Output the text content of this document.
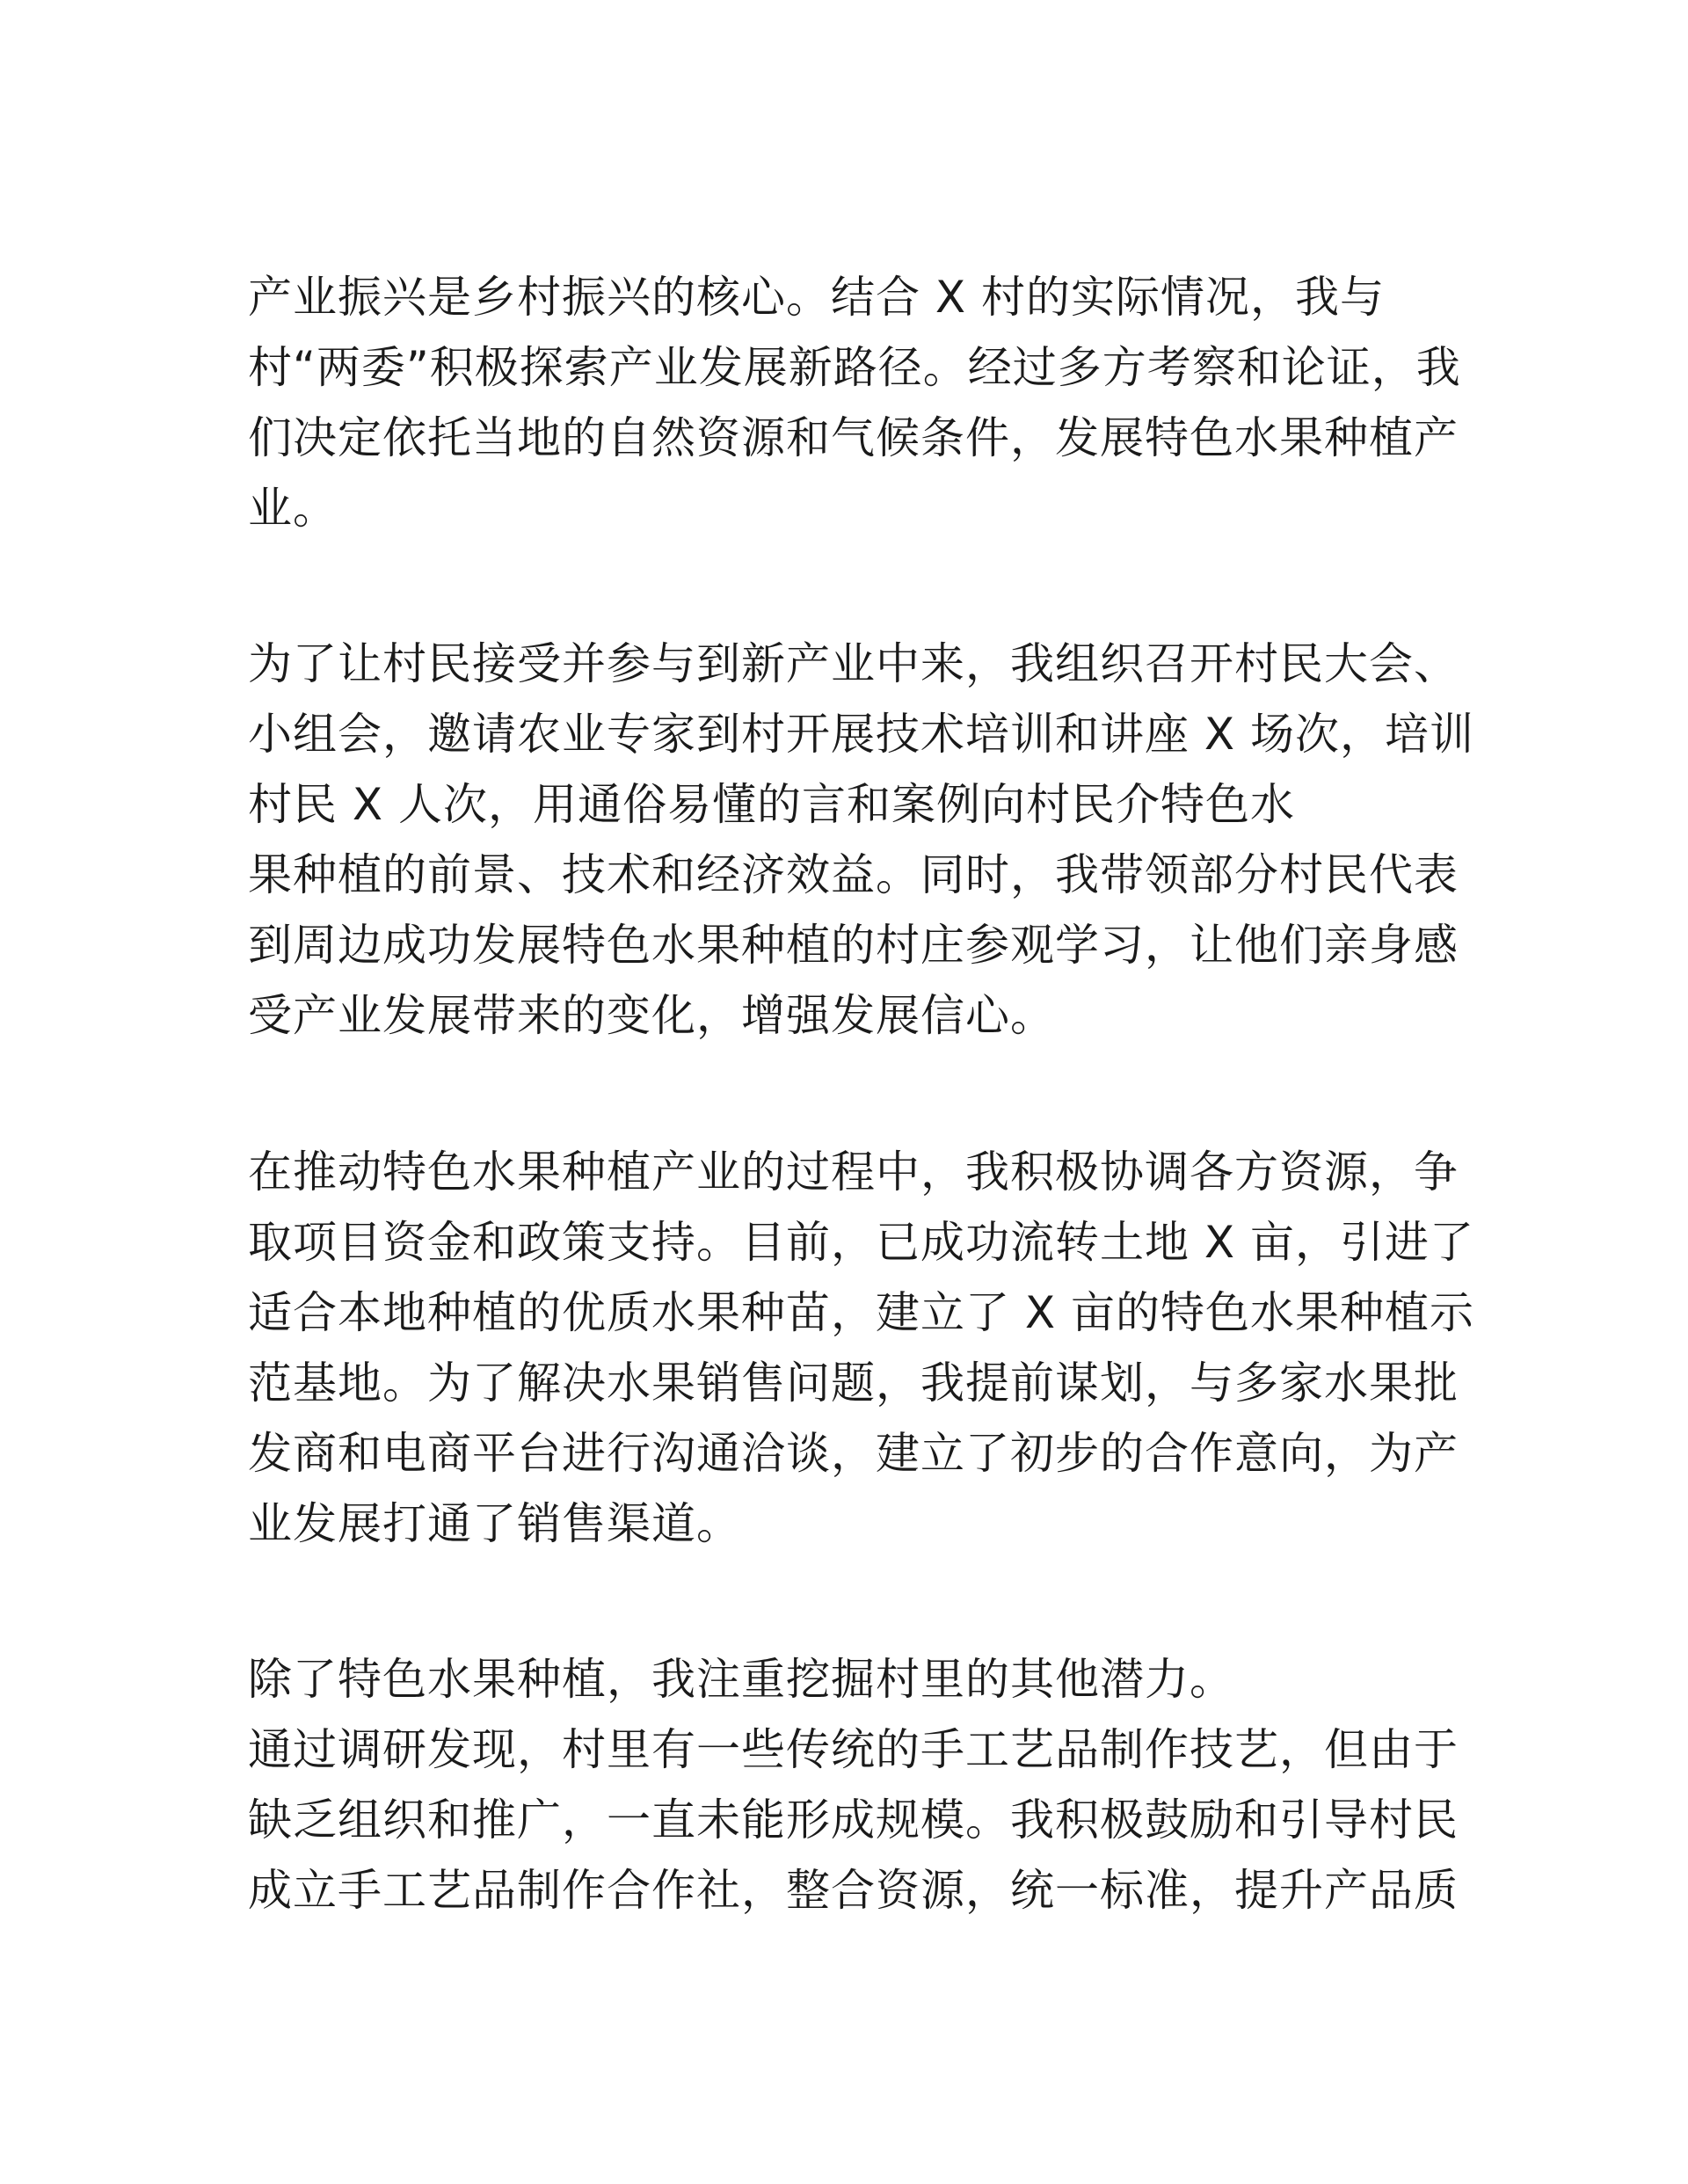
产业振兴是乡村振兴的核心。结合 X 村的实际情况，我与
村“两委”积极探索产业发展新路径。经过多方考察和论证，我
们决定依托当地的自然资源和气候条件，发展特色水果种植产
业。
为了让村民接受并参与到新产业中来，我组织召开村民大会、
小组会，邀请农业专家到村开展技术培训和讲座 X 场次，培训
村民 X 人次，用通俗易懂的言和案例向村民介特色水
果种植的前景、技术和经济效益。同时，我带领部分村民代表
到周边成功发展特色水果种植的村庄参观学习，让他们亲身感
受产业发展带来的变化，增强发展信心。
在推动特色水果种植产业的过程中，我积极协调各方资源，争
取项目资金和政策支持。目前，已成功流转土地 X 亩，引进了
适合本地种植的优质水果种苗，建立了 X 亩的特色水果种植示
范基地。为了解决水果销售问题，我提前谋划，与多家水果批
发商和电商平台进行沟通洽谈，建立了初步的合作意向，为产
业发展打通了销售渠道。
除了特色水果种植，我注重挖掘村里的其他潜力。
通过调研发现，村里有一些传统的手工艺品制作技艺，但由于
缺乏组织和推广，一直未能形成规模。我积极鼓励和引导村民
成立手工艺品制作合作社，整合资源，统一标准，提升产品质
